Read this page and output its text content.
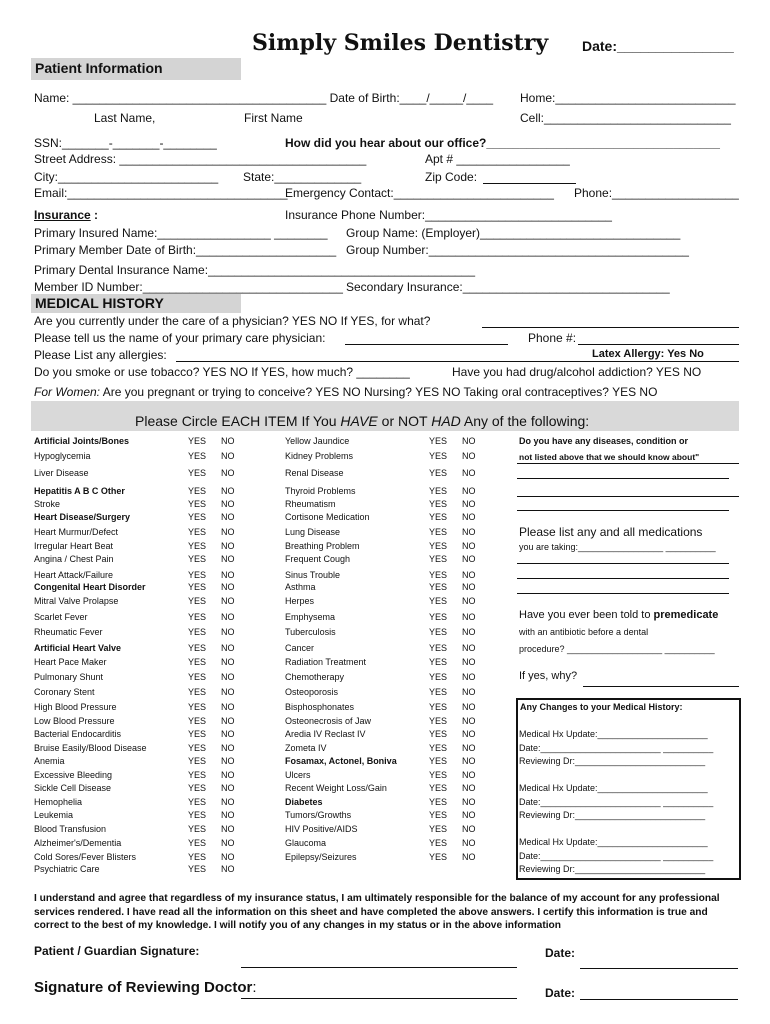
Simply Smiles Dentistry Date:_______________
Patient Information
Name: ______________________________________ Date of Birth:____/_____/____ Home:___________________________
Last Name,	First Name	Cell:____________________________
SSN:_______-_______-________	How did you hear about our office?___________________________________
Street Address: _____________________________________	Apt # _________________
City:________________________ State:_____________	Zip Code:
Email:_________________________________
Emergency Contact:________________________ Phone:___________________
Insurance :	Insurance Phone Number:____________________________
Primary Insured Name:_________________ ________ Group Name: (Employer)______________________________
Primary Member Date of Birth:_____________________ Group Number:_______________________________________
Primary Dental Insurance Name:________________________________________
Member ID Number:______________________________ Secondary Insurance:_______________________________
MEDICAL HISTORY
Are you currently under the care of a physician? YES NO If YES, for what?
Please tell us the name of your primary care physician:	Phone #:
Please List any allergies:	Latex Allergy: Yes No
Do you smoke or use tobacco? YES NO If YES, how much? ________	Have you had drug/alcohol addiction? YES NO
For Women: Are you pregnant or trying to conceive? YES NO Nursing? YES NO Taking oral contraceptives? YES NO
Please Circle EACH ITEM If You HAVE or NOT HAD Any of the following:
Artificial Joints/Bones	YES NO
Hypoglycemia	YES NO
Liver Disease	YES NO
Hepatitis A B C Other	YES NO
Stroke	YES NO
Heart Disease/Surgery	YES NO
Heart Murmur/Defect	YES NO
Irregular Heart Beat	YES NO
Angina / Chest Pain	YES NO
Heart Attack/Failure	YES NO
Congenital Heart Disorder	YES NO
Mitral Valve Prolapse	YES NO
Scarlet Fever	YES NO
Rheumatic Fever	YES NO
Artificial Heart Valve	YES NO
Heart Pace Maker	YES NO
Pulmonary Shunt	YES NO
Coronary Stent	YES NO
High Blood Pressure	YES NO
Low Blood Pressure	YES NO
Bacterial Endocarditis	YES NO
Bruise Easily/Blood Disease	YES NO
Anemia	YES NO
Excessive Bleeding	YES NO
Sickle Cell Disease	YES NO
Hemophelia	YES NO
Leukemia	YES NO
Blood Transfusion	YES NO
Alzheimer's/Dementia	YES NO
Cold Sores/Fever Blisters	YES NO
Psychiatric Care	YES NO
Yellow Jaundice	YES NO
Kidney Problems	YES NO
Renal Disease	YES NO
Thyroid Problems	YES NO
Rheumatism	YES NO
Cortisone Medication	YES NO
Lung Disease	YES NO
Breathing Problem	YES NO
Frequent Cough	YES NO
Sinus Trouble	YES NO
Asthma	YES NO
Herpes	YES NO
Emphysema	YES NO
Tuberculosis	YES NO
Cancer	YES NO
Radiation Treatment	YES NO
Chemotherapy	YES NO
Osteoporosis	YES NO
Bisphosphonates	YES NO
Osteonecrosis of Jaw	YES NO
Aredia IV Reclast IV	YES NO
Zometa IV	YES NO
Fosamax, Actonel, Boniva	YES NO
Ulcers	YES NO
Recent Weight Loss/Gain	YES NO
Diabetes	YES NO
Tumors/Growths	YES NO
HIV Positive/AIDS	YES NO
Glaucoma	YES NO
Epilepsy/Seizures	YES NO
Do you have any diseases, condition or
not listed above that we should know about"
Please list any and all medications
you are taking:_________________ __________
Have you ever been told to premedicate
with an antibiotic before a dental
procedure? ___________________ __________
If yes, why?
Any Changes to your Medical History:
Medical Hx Update:______________________
Date:________________________ __________
Reviewing Dr:__________________________
Medical Hx Update:______________________
Date:________________________ __________
Reviewing Dr:__________________________
Medical Hx Update:______________________
Date:________________________ __________
Reviewing Dr:__________________________
I understand and agree that regardless of my insurance status, I am ultimately responsible for the balance of my account for any professional services rendered. I have read all the information on this sheet and have completed the above answers. I certify this information is true and correct to the best of my knowledge. I will notify you of any changes in my status or in the above information
Patient / Guardian Signature:	Date:
Signature of Reviewing Doctor:	Date:
